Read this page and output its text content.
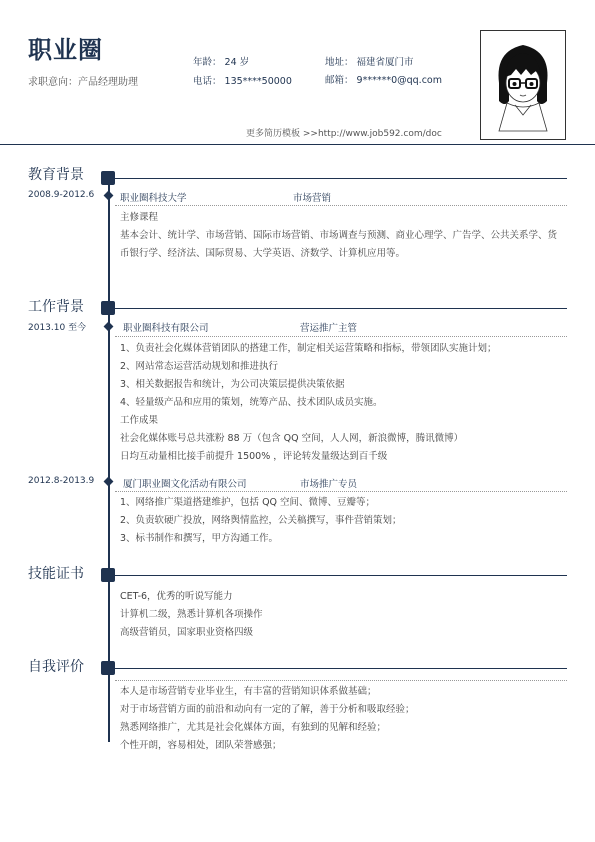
职业圈
求职意向：产品经理助理
年龄： 24 岁	地址： 福建省厦门市
电话： 135****50000	邮箱： 9******0@qq.com
更多简历模板 >>http://www.job592.com/doc
教育背景
2008.9-2012.6	职业圈科技大学	市场营销
主修课程
基本会计、统计学、市场营销、国际市场营销、市场调查与预测、商业心理学、广告学、公共关系学、货币银行学、经济法、国际贸易、大学英语、济数学、计算机应用等。
工作背景
2013.10 至今	职业圈科技有限公司	营运推广主管
1、负责社会化媒体营销团队的搭建工作，制定相关运营策略和指标，带领团队实施计划；
2、网站常态运营活动规划和推进执行
3、相关数据报告和统计，为公司决策层提供决策依据
4、轻量级产品和应用的策划，统筹产品、技术团队成员实施。
工作成果
社会化媒体账号总共涨粉 88 万（包含 QQ 空间，人人网，新浪微博，腾讯微博）
日均互动量相比接手前提升 1500% ，评论转发量级达到百千级
2012.8-2013.9	厦门职业圈文化活动有限公司	市场推广专员
1、网络推广渠道搭建维护，包括 QQ 空间、微博、豆瓣等；
2、负责软硬广投放，网络舆情监控，公关稿撰写，事件营销策划；
3、标书制作和撰写，甲方沟通工作。
技能证书
CET-6，优秀的听说写能力
计算机二级，熟悉计算机各项操作
高级营销员，国家职业资格四级
自我评价
本人是市场营销专业毕业生，有丰富的营销知识体系做基础；
对于市场营销方面的前沿和动向有一定的了解，善于分析和吸取经验；
熟悉网络推广，尤其是社会化媒体方面，有独到的见解和经验；
个性开朗，容易相处，团队荣誉感强；
